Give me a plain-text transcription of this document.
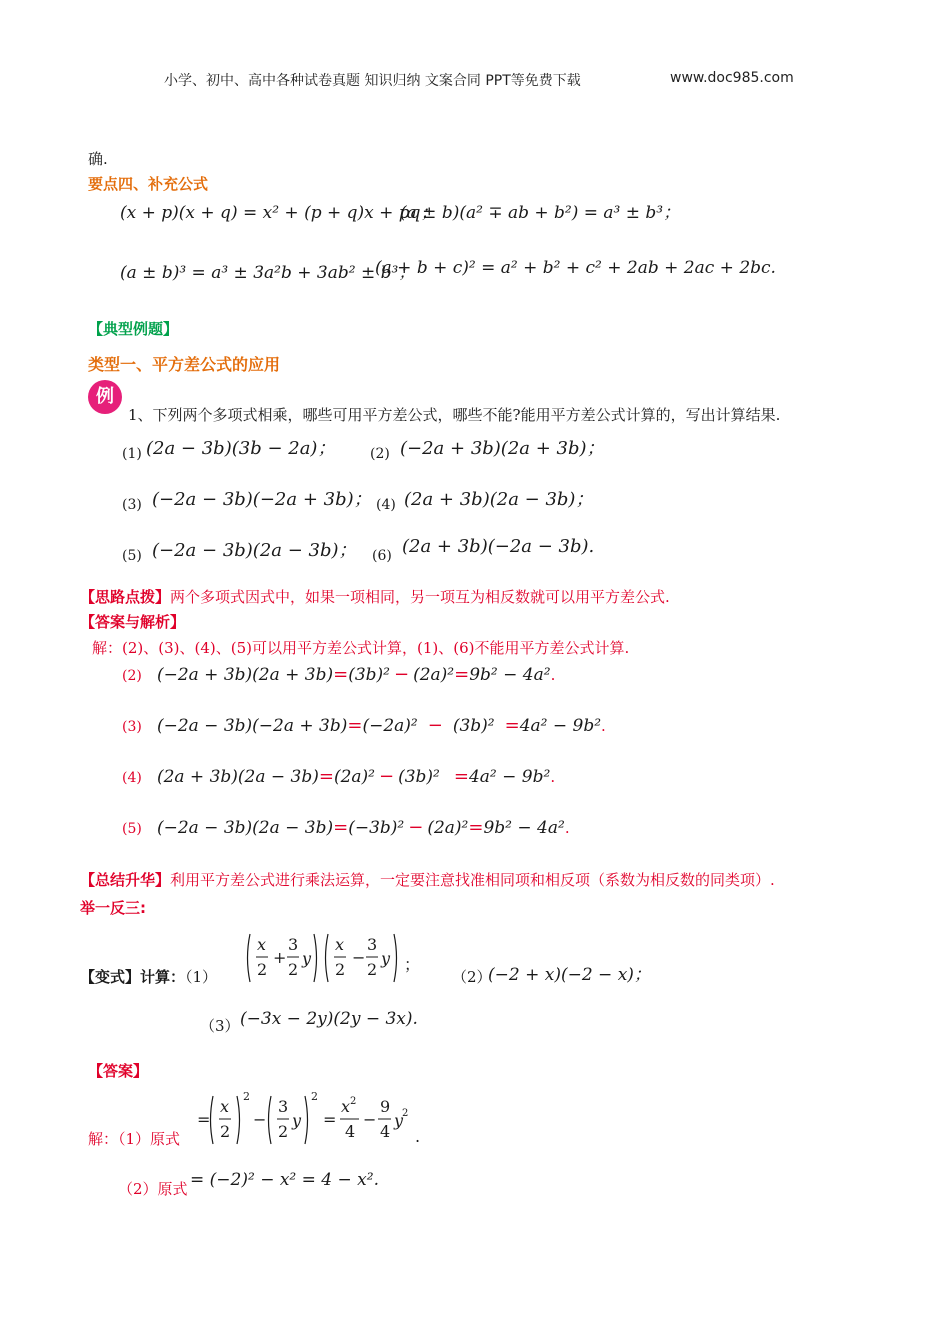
小学、初中、高中各种试卷真题 知识归纳 文案合同 PPT等免费下载	www.doc985.com
确.
要点四、补充公式
(x + p)(x + q) = x² + (p + q)x + pq；
(a ± b)(a² ∓ ab + b²) = a³ ± b³；
(a ± b)³ = a³ ± 3a²b + 3ab² ± b³；
(a + b + c)² = a² + b² + c² + 2ab + 2ac + 2bc.
【典型例题】
类型一、平方差公式的应用
例
1、下列两个多项式相乘，哪些可用平方差公式，哪些不能?能用平方差公式计算的，写出计算结果.
(1) (2a − 3b)(3b − 2a)； (2) (−2a + 3b)(2a + 3b)；
(3) (−2a − 3b)(−2a + 3b)； (4) (2a + 3b)(2a − 3b)；
(5) (−2a − 3b)(2a − 3b)； (6) (2a + 3b)(−2a − 3b).
【思路点拨】两个多项式因式中，如果一项相同，另一项互为相反数就可以用平方差公式.
【答案与解析】
解：(2)、(3)、(4)、(5)可以用平方差公式计算，(1)、(6)不能用平方差公式计算.
(2) (−2a + 3b)(2a + 3b)=(3b)² − (2a)²=9b² − 4a².
(3) (−2a − 3b)(−2a + 3b)=(−2a)² − (3b)² =4a² − 9b².
(4) (2a + 3b)(2a − 3b)=(2a)² − (3b)² =4a² − 9b².
(5) (−2a − 3b)(2a − 3b)=(−3b)² − (2a)²=9b² − 4a².
【总结升华】利用平方差公式进行乘法运算，一定要注意找准相同项和相反项（系数为相反数的同类项）.
举一反三:
【变式】计算：（1）
x
2
+
3
2
y
x
2
−
3
2
y ；
（2）
(−2 + x)(−2 − x)；
（3） (−3x − 2y)(2y − 3x).
【答案】
解：（1）原式
=
x
2
2
−
3
2
y
2
=
x 2
4
−
9
4
y
2
.
（2）原式 = (−2)² − x² = 4 − x².
